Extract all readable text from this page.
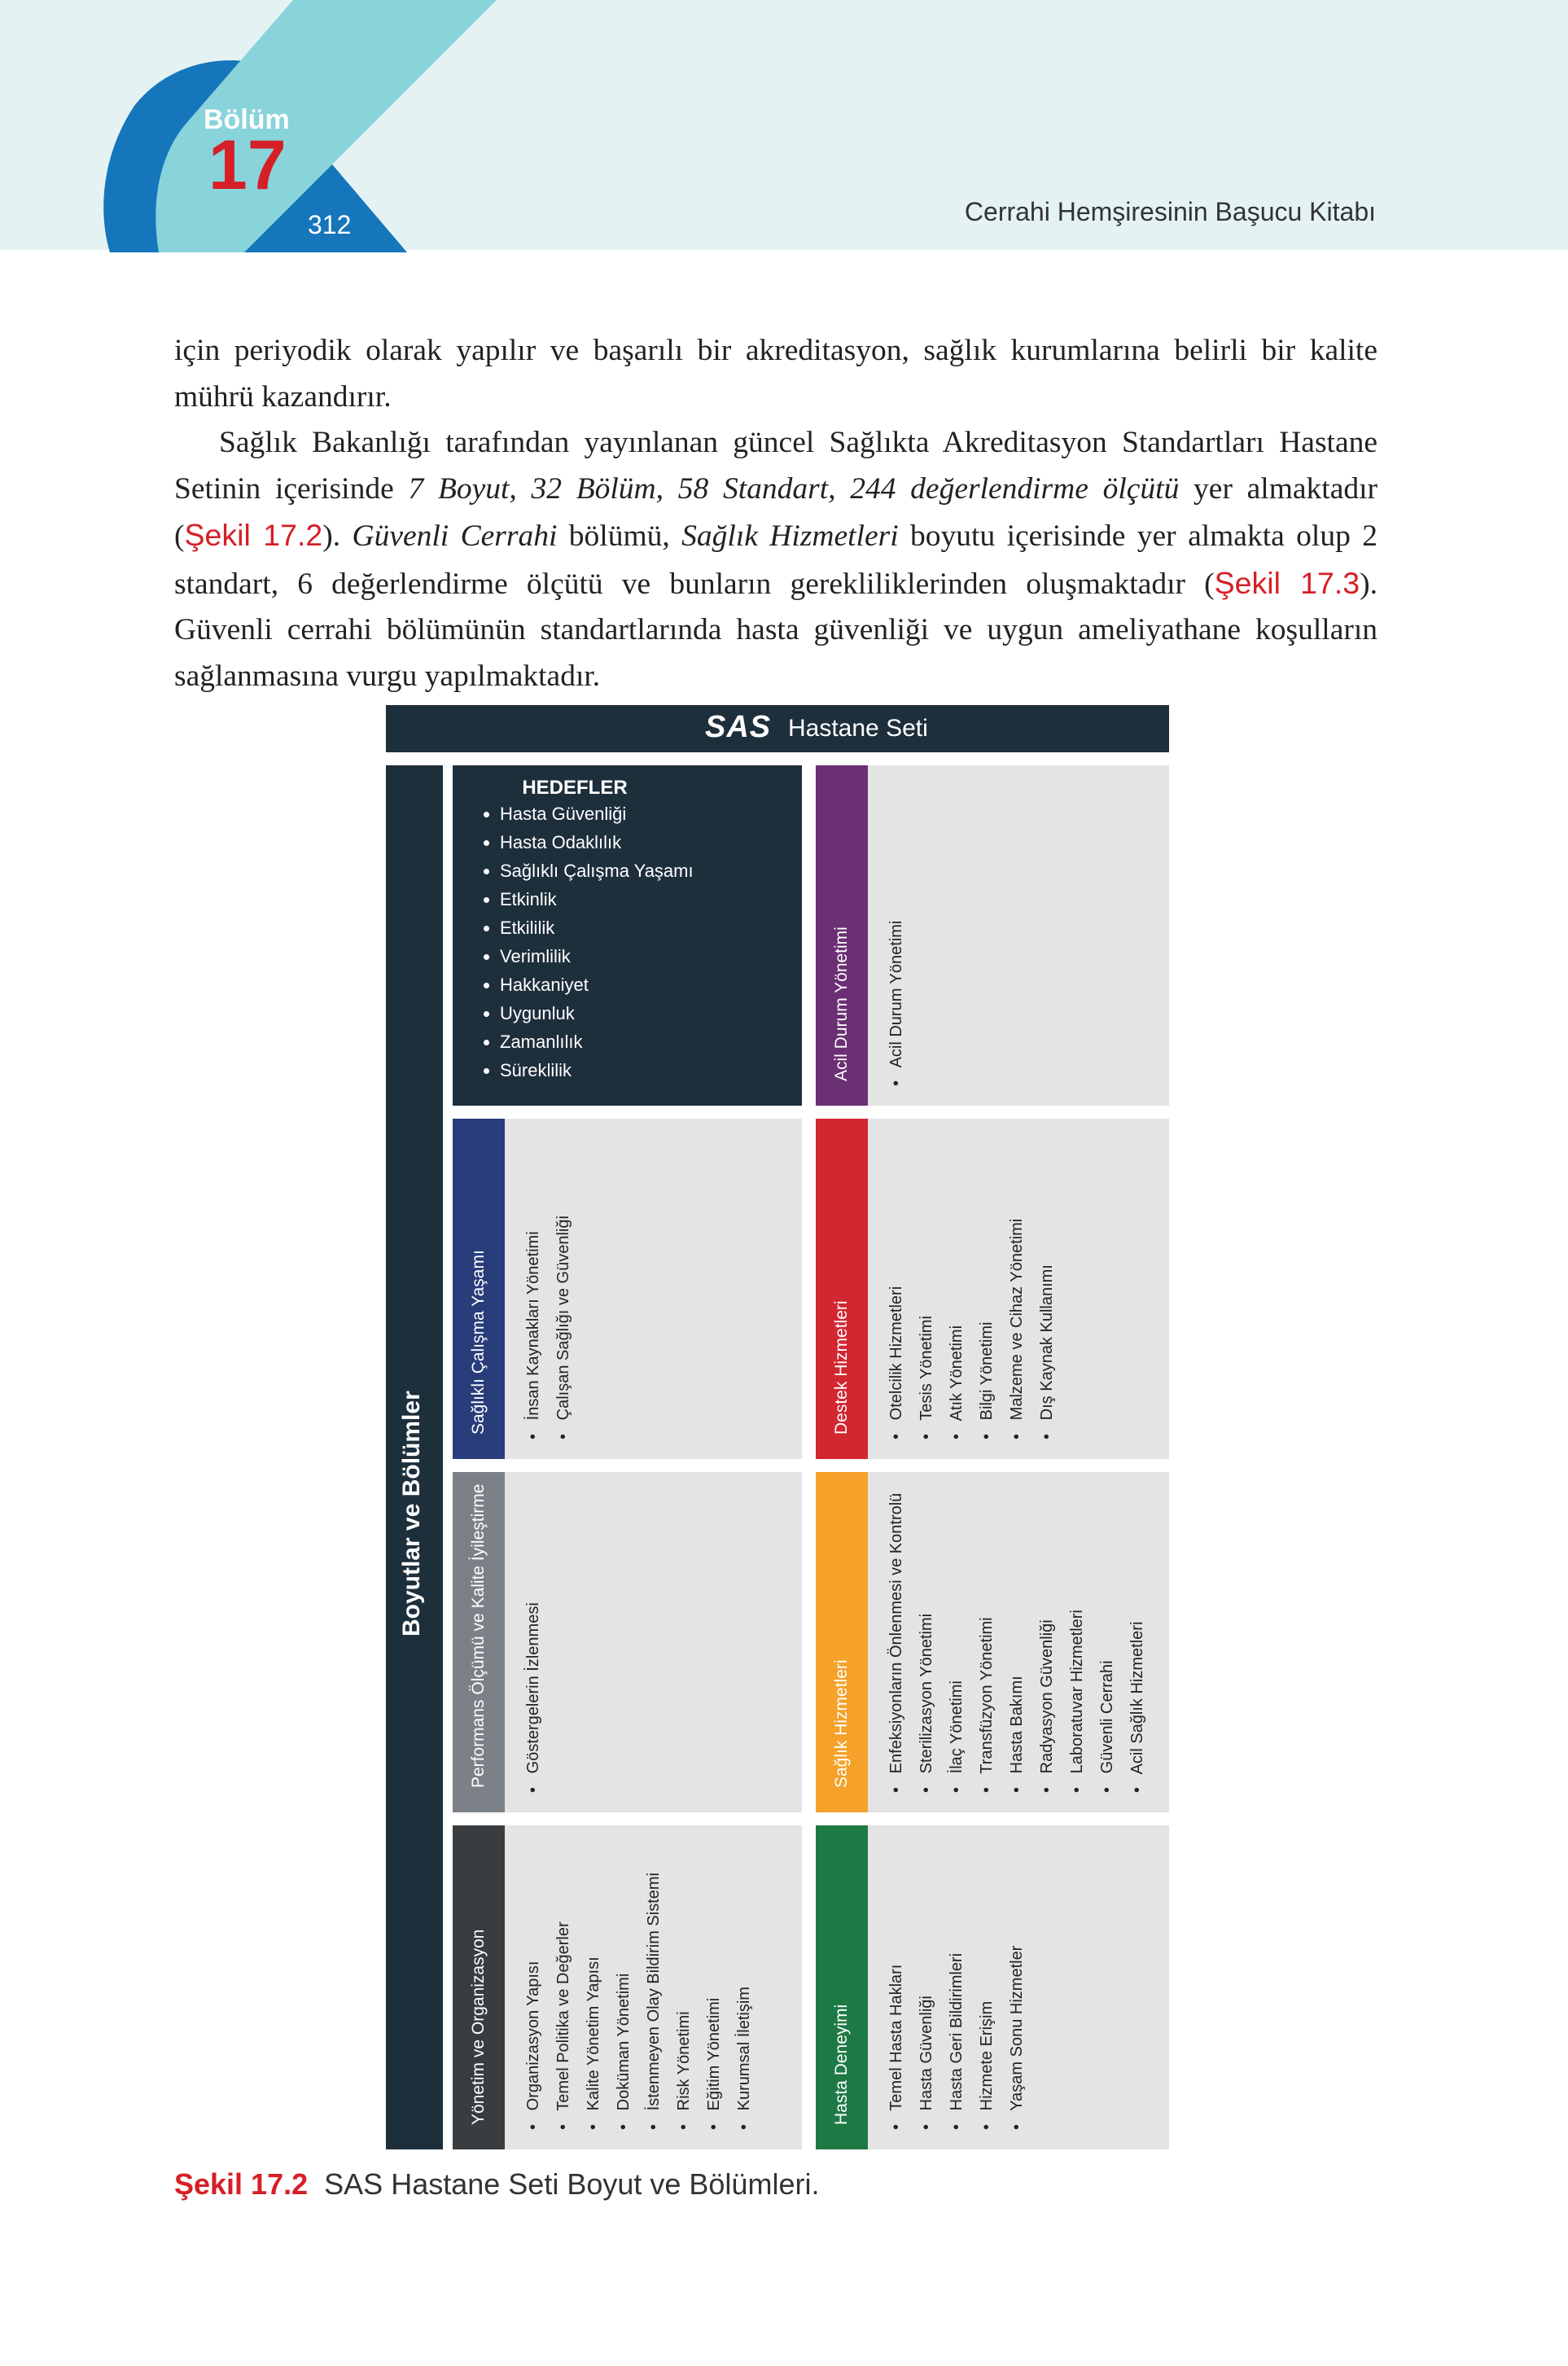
Bölüm
17
312	Cerrahi Hemşiresinin Başucu Kitabı

için periyodik olarak yapılır ve başarılı bir akreditasyon, sağlık kurumlarına belirli bir kalite mührü kazandırır.

Sağlık Bakanlığı tarafından yayınlanan güncel Sağlıkta Akreditasyon Standartları Hastane Setinin içerisinde 7 Boyut, 32 Bölüm, 58 Standart, 244 değerlendirme ölçütü yer almaktadır (Şekil 17.2). Güvenli Cerrahi bölümü, Sağlık Hizmetleri boyutu içerisinde yer almakta olup 2 standart, 6 değerlendirme ölçütü ve bunların gerekliliklerinden oluşmaktadır (Şekil 17.3). Güvenli cerrahi bölümünün standartlarında hasta güvenliği ve uygun ameliyathane koşulların sağlanmasına vurgu yapılmaktadır.

SAS Hastane Seti
Boyutlar ve Bölümler
HEDEFLER
• Hasta Güvenliği
• Hasta Odaklılık
• Sağlıklı Çalışma Yaşamı
• Etkinlik
• Etkililik
• Verimlilik
• Hakkaniyet
• Uygunluk
• Zamanlılık
• Süreklilik	Acil Durum Yönetimi •   Acil Durum Yönetimi
Sağlıklı Çalışma Yaşamı •   İnsan Kaynakları Yönetimi •   Çalışan Sağlığı ve Güvenliği	Destek Hizmetleri •   Otelcilik Hizmetleri •   Tesis Yönetimi •   Atık Yönetimi •   Bilgi Yönetimi •   Malzeme ve Cihaz Yönetimi •   Dış Kaynak Kullanımı
Performans Ölçümü ve Kalite İyileştirme •   Göstergelerin İzlenmesi	Sağlık Hizmetleri •   Enfeksiyonların Önlenmesi ve Kontrolü •   Sterilizasyon Yönetimi •   İlaç Yönetimi •   Transfüzyon Yönetimi •   Hasta Bakımı •   Radyasyon Güvenliği •   Laboratuvar Hizmetleri •   Güvenli Cerrahi •   Acil Sağlık Hizmetleri
Yönetim ve Organizasyon •   Organizasyon Yapısı •   Temel Politika ve Değerler •   Kalite Yönetim Yapısı •   Doküman Yönetimi •   İstenmeyen Olay Bildirim Sistemi •   Risk Yönetimi •   Eğitim Yönetimi •   Kurumsal İletişim	Hasta Deneyimi •   Temel Hasta Hakları •   Hasta Güvenliği •   Hasta Geri Bildirimleri •   Hizmete Erişim •   Yaşam Sonu Hizmetler
Şekil 17.2 SAS Hastane Seti Boyut ve Bölümleri.
